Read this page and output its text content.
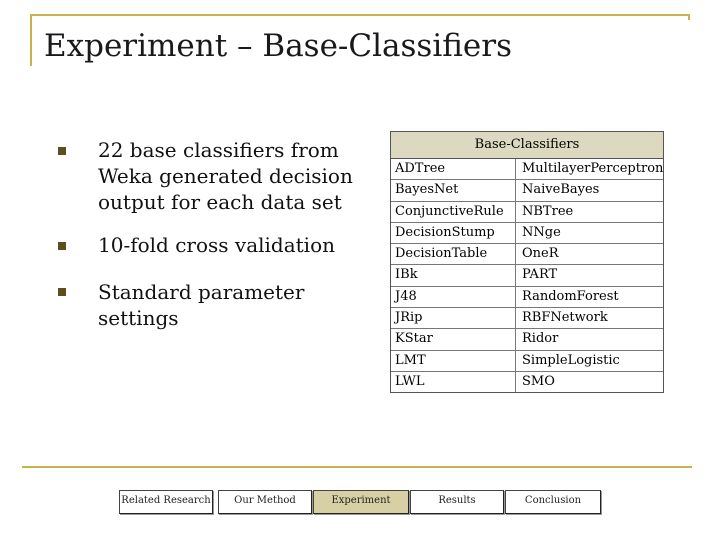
Experiment – Base-Classifiers
22 base classifiers from Weka generated decision output for each data set
10-fold cross validation
Standard parameter settings
Base-Classifiers
ADTree	MultilayerPerceptron
BayesNet	NaiveBayes
ConjunctiveRule	NBTree
DecisionStump	NNge
DecisionTable	OneR
IBk	PART
J48	RandomForest
JRip	RBFNetwork
KStar	Ridor
LMT	SimpleLogistic
LWL	SMO
Related Research	Our Method	Experiment	Results	Conclusion
